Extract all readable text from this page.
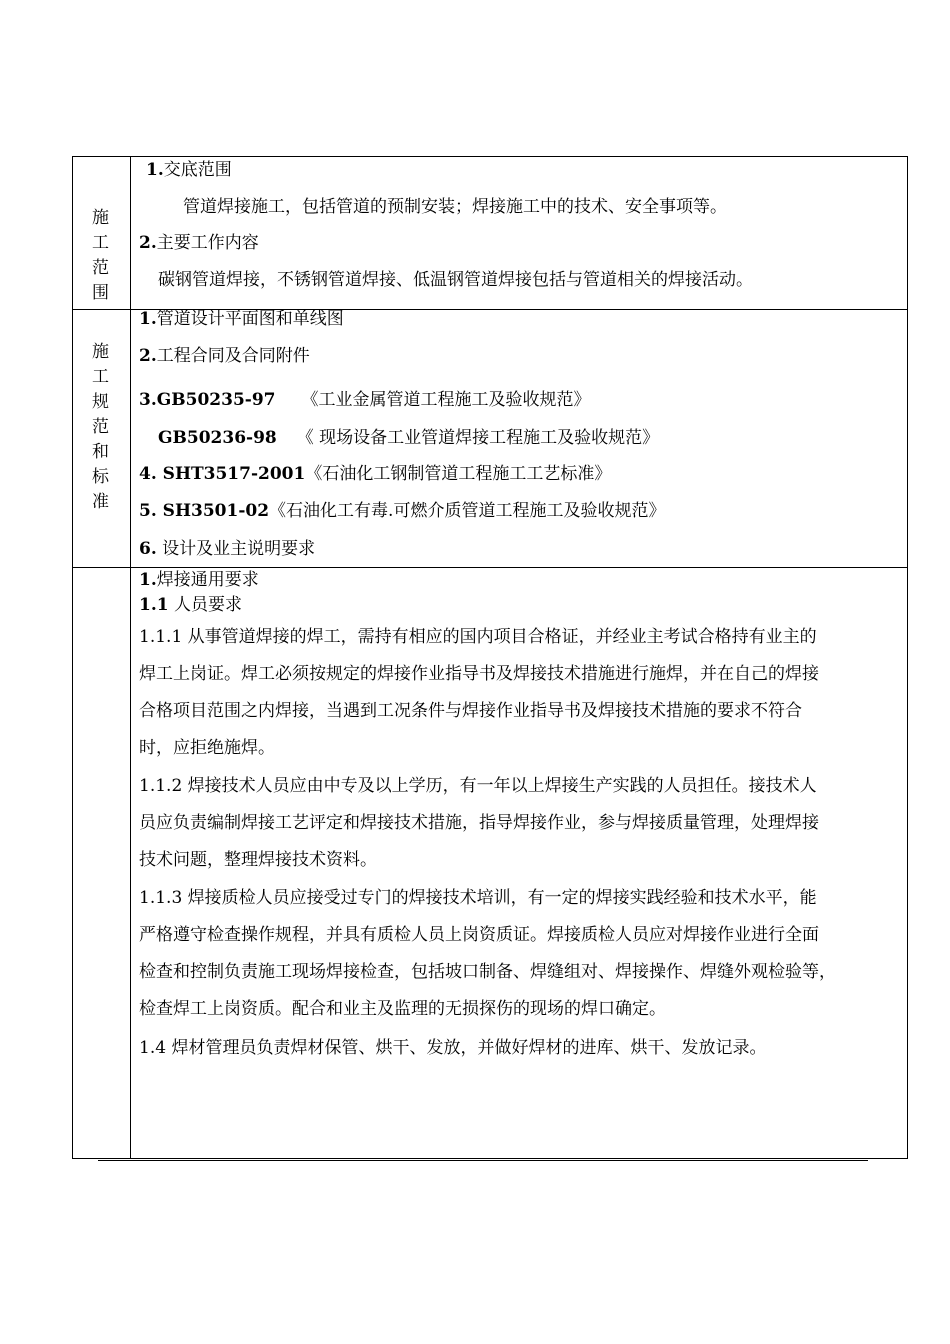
施
工
范
围
1.交底范围
管道焊接施工，包括管道的预制安装；焊接施工中的技术、安全事项等。
2.主要工作内容
碳钢管道焊接，不锈钢管道焊接、低温钢管道焊接包括与管道相关的焊接活动。
施
工
规
范
和
标
准
1.管道设计平面图和单线图
2.工程合同及合同附件
3.GB50235-97 《工业金属管道工程施工及验收规范》
GB50236-98 《 现场设备工业管道焊接工程施工及验收规范》
4. SHT3517-2001《石油化工钢制管道工程施工工艺标准》
5. SH3501-02《石油化工有毒.可燃介质管道工程施工及验收规范》
6. 设计及业主说明要求
1.焊接通用要求
1.1 人员要求
1.1.1 从事管道焊接的焊工，需持有相应的国内项目合格证，并经业主考试合格持有业主的
焊工上岗证。焊工必须按规定的焊接作业指导书及焊接技术措施进行施焊，并在自己的焊接
合格项目范围之内焊接，当遇到工况条件与焊接作业指导书及焊接技术措施的要求不符合
时，应拒绝施焊。
1.1.2 焊接技术人员应由中专及以上学历，有一年以上焊接生产实践的人员担任。接技术人
员应负责编制焊接工艺评定和焊接技术措施，指导焊接作业，参与焊接质量管理，处理焊接
技术问题，整理焊接技术资料。
1.1.3 焊接质检人员应接受过专门的焊接技术培训，有一定的焊接实践经验和技术水平，能
严格遵守检查操作规程，并具有质检人员上岗资质证。焊接质检人员应对焊接作业进行全面
检查和控制负责施工现场焊接检查，包括坡口制备、焊缝组对、焊接操作、焊缝外观检验等，
检查焊工上岗资质。配合和业主及监理的无损探伤的现场的焊口确定。
1.4 焊材管理员负责焊材保管、烘干、发放，并做好焊材的进库、烘干、发放记录。
